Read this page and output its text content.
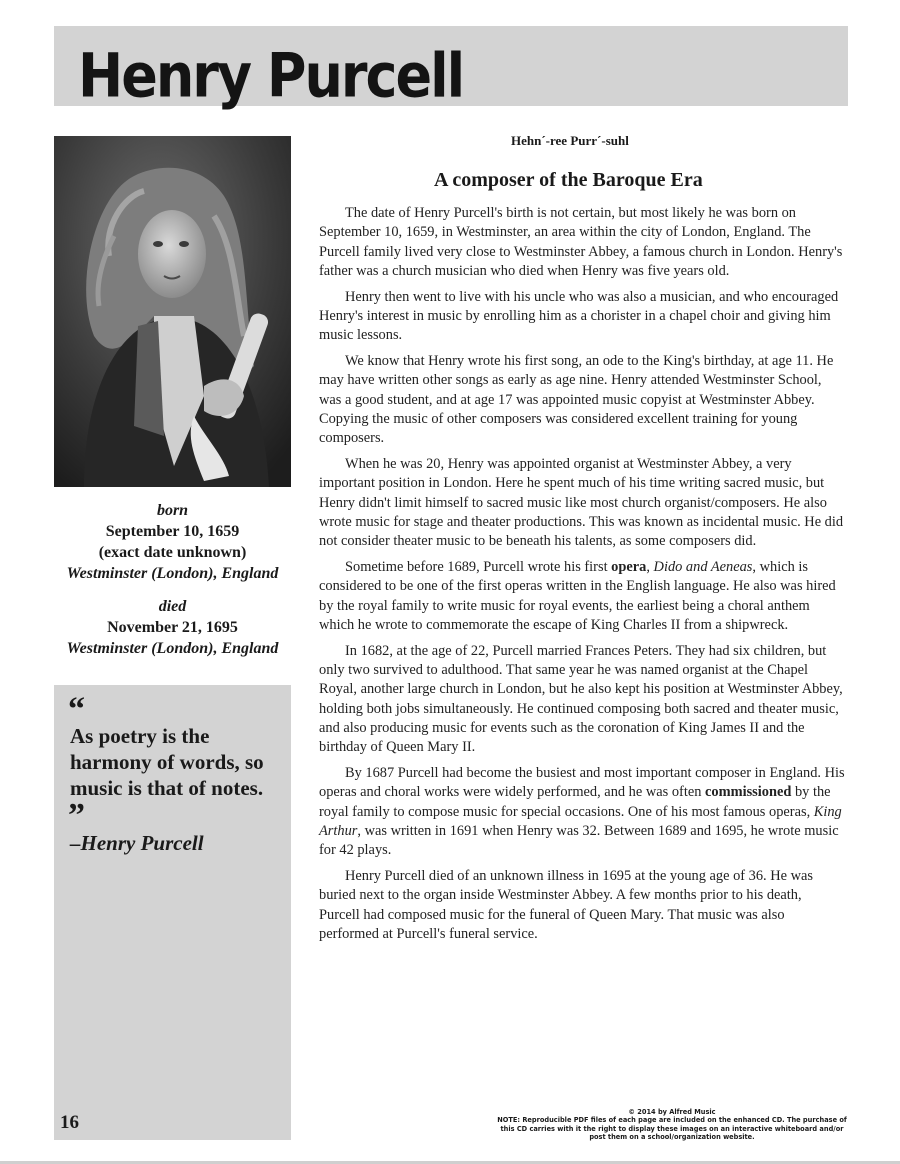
Henry Purcell
born
September 10, 1659
(exact date unknown)
Westminster (London), England
died
November 21, 1695
Westminster (London), England
“
As poetry is the harmony of words, so music is that of notes.
”
–Henry Purcell
16
Hehn´-ree Purr´-suhl
A composer of the Baroque Era

The date of Henry Purcell's birth is not certain, but most likely he was born on September 10, 1659, in Westminster, an area within the city of London, England. The Purcell family lived very close to Westminster Abbey, a famous church in London. Henry's father was a church musician who died when Henry was five years old.

Henry then went to live with his uncle who was also a musician, and who encouraged Henry's interest in music by enrolling him as a chorister in a chapel choir and giving him music lessons.

We know that Henry wrote his first song, an ode to the King's birthday, at age 11. He may have written other songs as early as age nine. Henry attended Westminster School, was a good student, and at age 17 was appointed music copyist at Westminster Abbey. Copying the music of other composers was considered excellent training for young composers.

When he was 20, Henry was appointed organist at Westminster Abbey, a very important position in London. Here he spent much of his time writing sacred music, but Henry didn't limit himself to sacred music like most church organist/composers. He also wrote music for stage and theater productions. This was known as incidental music. He did not consider theater music to be beneath his talents, as some composers did.

Sometime before 1689, Purcell wrote his first opera, Dido and Aeneas, which is considered to be one of the first operas written in the English language. He also was hired by the royal family to write music for royal events, the earliest being a choral anthem which he wrote to commemorate the escape of King Charles II from a shipwreck.

In 1682, at the age of 22, Purcell married Frances Peters. They had six children, but only two survived to adulthood. That same year he was named organist at the Chapel Royal, another large church in London, but he also kept his position at Westminster Abbey, holding both jobs simultaneously. He continued composing both sacred and theater music, and also producing music for events such as the coronation of King James II and the birthday of Queen Mary II.

By 1687 Purcell had become the busiest and most important composer in England. His operas and choral works were widely performed, and he was often commissioned by the royal family to compose music for special occasions. One of his most famous operas, King Arthur, was written in 1691 when Henry was 32. Between 1689 and 1695, he wrote music for 42 plays.

Henry Purcell died of an unknown illness in 1695 at the young age of 36. He was buried next to the organ inside Westminster Abbey. A few months prior to his death, Purcell had composed music for the funeral of Queen Mary. That music was also performed at Purcell's funeral service.

© 2014 by Alfred Music
NOTE: Reproducible PDF files of each page are included on the enhanced CD. The purchase of this CD carries with it the right to display these images on an interactive whiteboard and/or post them on a school/organization website.
